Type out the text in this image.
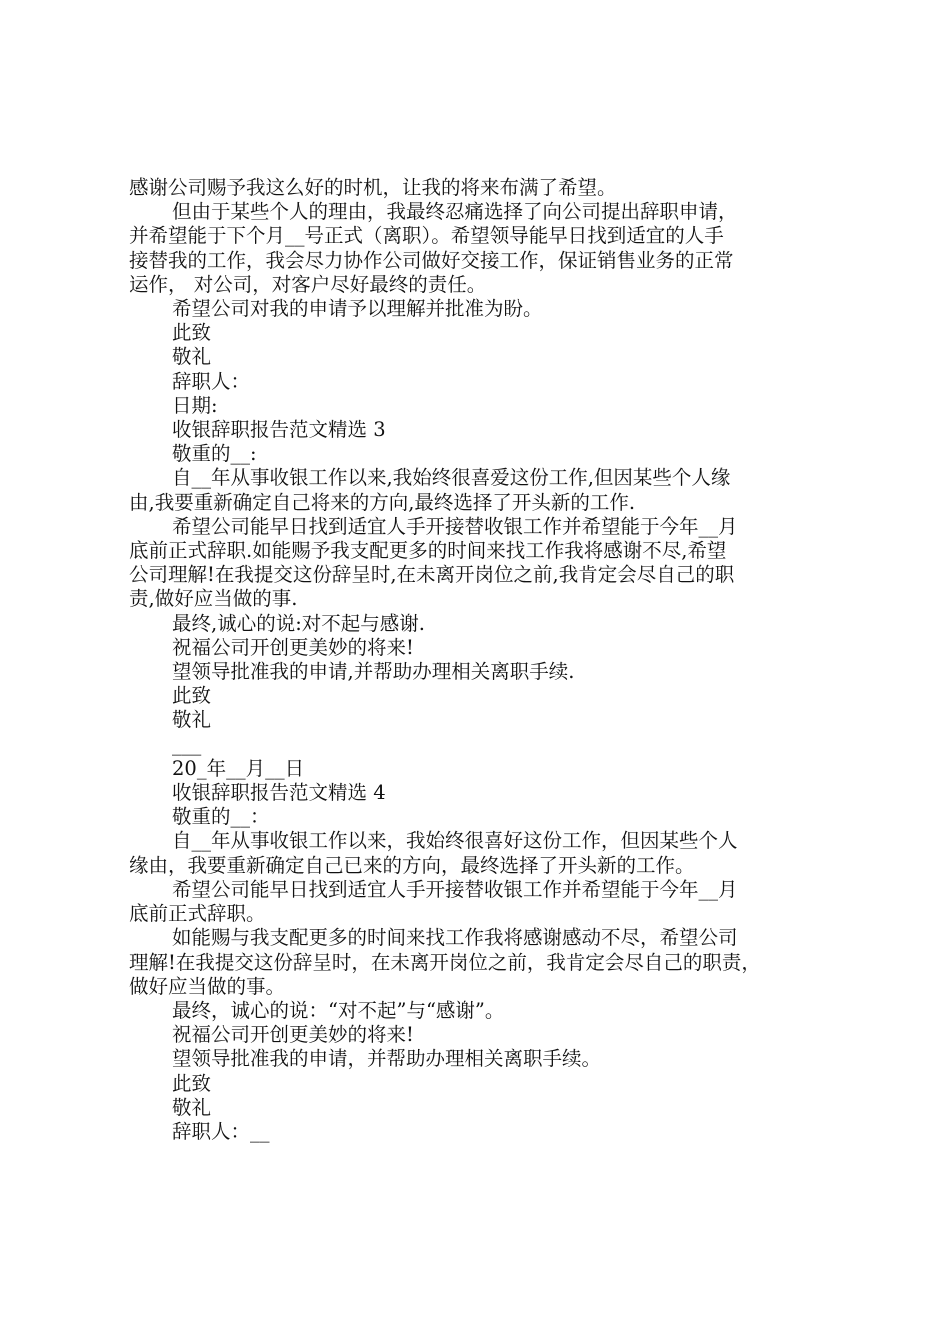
感谢公司赐予我这么好的时机，让我的将来布满了希望。

但由于某些个人的理由，我最终忍痛选择了向公司提出辞职申请，

并希望能于下个月__号正式（离职）。希望领导能早日找到适宜的人手

接替我的工作，我会尽力协作公司做好交接工作，保证销售业务的正常

运作， 对公司，对客户尽好最终的责任。

希望公司对我的申请予以理解并批准为盼。

此致

敬礼

辞职人：

日期:

收银辞职报告范文精选 3

敬重的__:

自__年从事收银工作以来,我始终很喜爱这份工作,但因某些个人缘

由,我要重新确定自己将来的方向,最终选择了开头新的工作.

希望公司能早日找到适宜人手开接替收银工作并希望能于今年__月

底前正式辞职.如能赐予我支配更多的时间来找工作我将感谢不尽,希望

公司理解!在我提交这份辞呈时,在未离开岗位之前,我肯定会尽自己的职

责,做好应当做的事.

最终,诚心的说:对不起与感谢.

祝福公司开创更美妙的将来!

望领导批准我的申请,并帮助办理相关离职手续.

此致

敬礼

___

20_年__月__日

收银辞职报告范文精选 4

敬重的__：

自__年从事收银工作以来，我始终很喜好这份工作，但因某些个人

缘由，我要重新确定自己已来的方向，最终选择了开头新的工作。

希望公司能早日找到适宜人手开接替收银工作并希望能于今年__月

底前正式辞职。

如能赐与我支配更多的时间来找工作我将感谢感动不尽，希望公司

理解!在我提交这份辞呈时，在未离开岗位之前，我肯定会尽自己的职责，

做好应当做的事。

最终，诚心的说：“对不起”与“感谢”。

祝福公司开创更美妙的将来!

望领导批准我的申请，并帮助办理相关离职手续。

此致

敬礼

辞职人：__
